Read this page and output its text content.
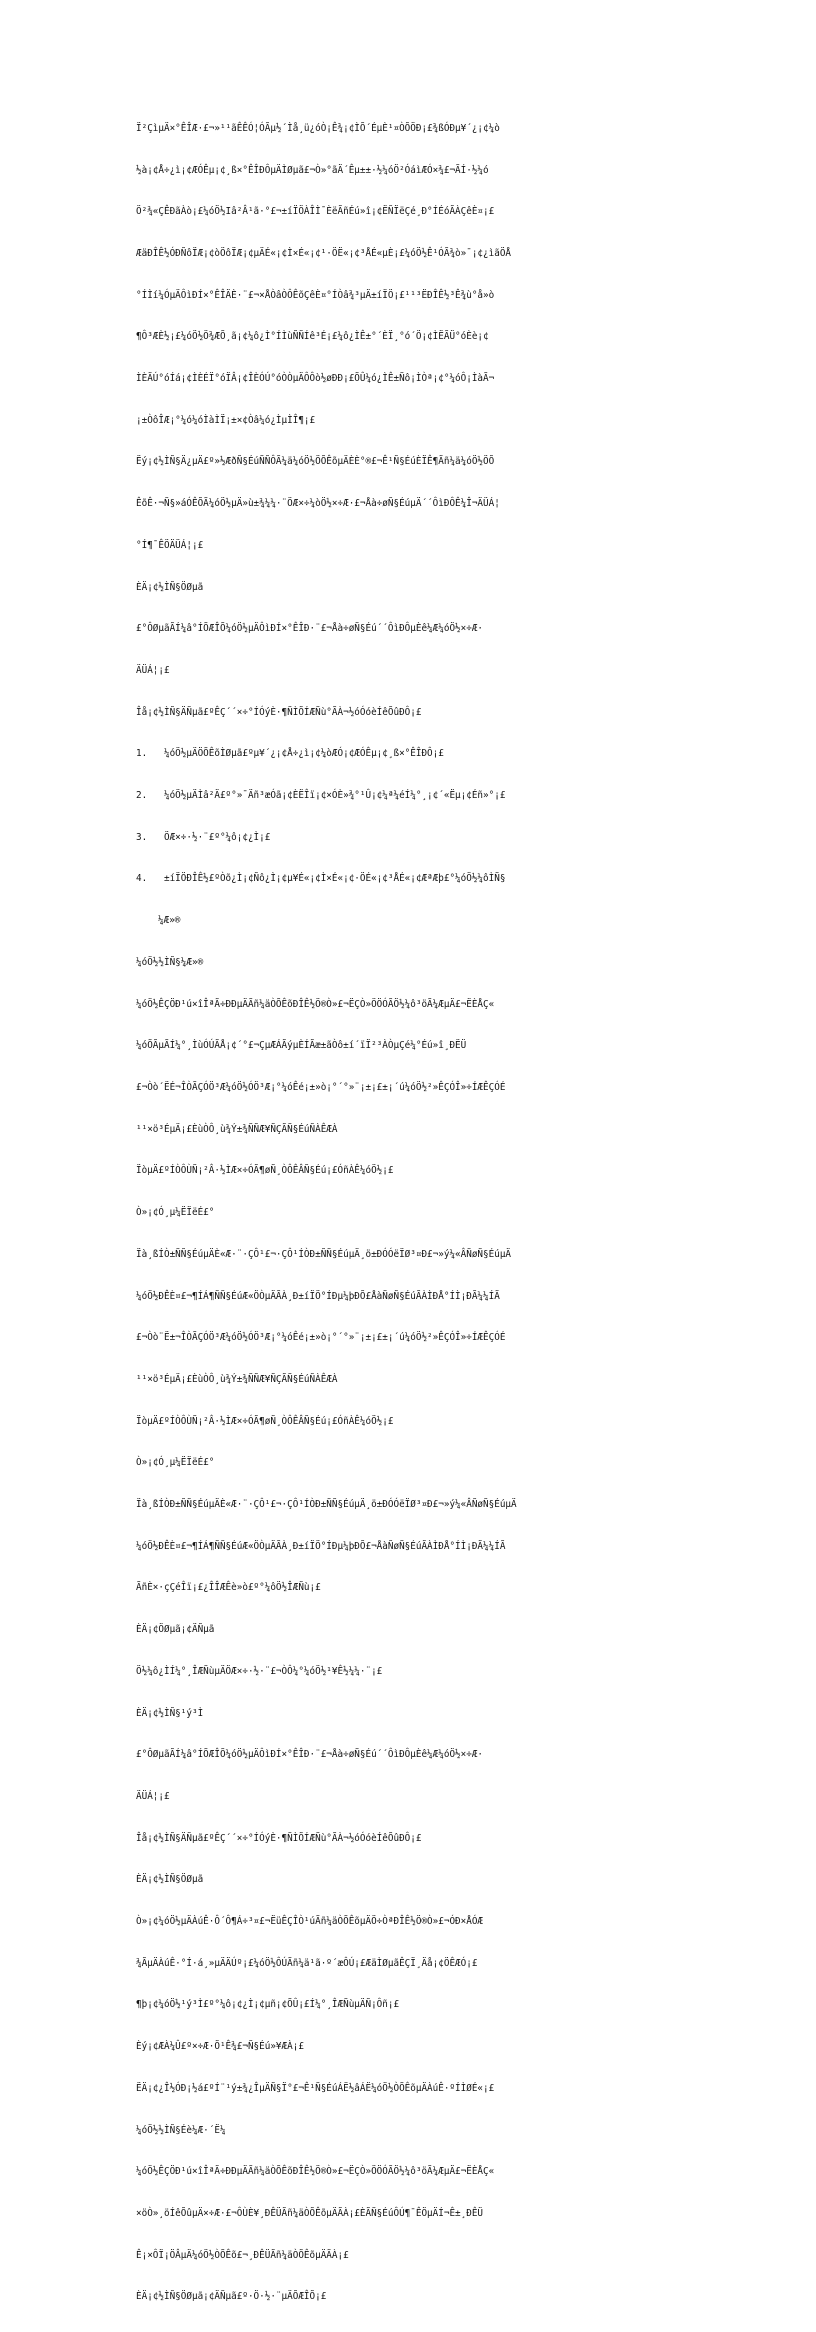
Ï²ÇìµÄ×°ÊÎÆ·£¬»¹¹ãÊÊÓ¦ÓÃµ½´Ìå¸ü¿óÒ¡Ê¾¡¢ÌÕ´ÉµÈ¹¤ÒÕÖÐ¡£¾ßÓÐµ¥´¿¡¢¼ò

½à¡¢Å÷¿ì¡¢ÆÓÊµ¡¢¸ß×°ÊÎÐÔµÄÌØµã£¬Ò»°ãÄ´Êµ±±·½¼óÖ²ÓáìÆÓ×¾£¬ÃÍ·½¼ó

Ö²¾«ÇÊÐãÀò¡£¼óÖ½Iâ²Â¹ã·°£¬±íÏÖÀÎÌ¯ÈëÃñÉú»î¡¢ËÑÏëÇé¸Ð°ÍÉóÃÀÇêÈ¤¡£

ÆäÐÎÊ½ÓÐÑôÏÆ¡¢òÖôÏÆ¡¢µÄÉ«¡¢Ì×É«¡¢¹·ÖË«¡¢³ÅÉ«µÈ¡£¼óÖ½Ê¹ÓÃ¾ò»¯¡¢¿ìãÖÅ

°ÍÌí¼ÓµÄÔìÐÍ×°ÊÎÄÈ·¨£¬×ÅÒâÒÔÊõÇêÈ¤°ÍÒâ¾³µÄ±íÏÖ¡£¹¹³ËÐÎÊ½³Ê¾ù°å»ò

¶Ô³ÆÈ½¡£¼óÖ½Ö¾ÆÕ¸ã¡¢¼ô¿Ì°ÍÌùÑÑÍê³É¡£¼ô¿ÌÊ±°´ÈÏ¸°ó´Ö¡¢ÌËÃÜ°óÈè¡¢

ÌÈÃÚ°óÍá¡¢ÌÈÉÏ°óÏÂ¡¢ÎÈÓÚ°óÒÒµÄÔÔò½øÐÐ¡£ÕÛ¼ó¿ÌÊ±Ñô¡ÌÒª¡¢°¼óÔ¡ÌàÃ¬

¡±ÒôÎÆ¡°¼ó¼óÌàÌÏ¡±×¢Òâ¼ó¿ÌµÌÎ¶¡£

Ëý¡¢½ÌÑ§Ä¿µÄ£º»½ÆðÑ§ÉúÑÑÔÃ¼ä¼óÖ½ÖÕÊõµÄÈÈ°®£¬Ê¹Ñ§ÉúÈÏÊ¶Ãñ¼ä¼óÖ½ÖÕ

ÊõÊ·¬Ñ§»áÓÊÕÃ¼óÖ½µÄ»ù±¾¼¼·¨ÖÆ×÷¼òÖ½×÷Æ·£¬Åà÷øÑ§ÉúµÄ´´ÔìÐÔÊ¼Î¬ÄÜÁ¦

°Í¶¯ÊÖÄÜÁ¦¡£

ÈÄ¡¢½ÌÑ§ÖØµã

£°ÔØµãÃÍ¼â°ÍÕÆÎÕ¼óÖ½µÄÔìÐÍ×°ÊÎÐ·¨£¬Åà÷øÑ§Éú´´ÔìÐÔµÈê¼Æ¼óÖ½×÷Æ·

ÄÜÁ¦¡£

Îå¡¢½ÌÑ§ÄÑµã£ºÊÇ´´×÷°ÍÓýÈ·¶ÑÌÕÍÆÑù°ÃÀ¬½óÓóèÍêÕûÐÔ¡£

1.   ¼óÖ½µÄÖÕÊõÌØµã£ºµ¥´¿¡¢Å÷¿ì¡¢¼òÆÓ¡¢ÆÓÊµ¡¢¸ß×°ÊÎÐÔ¡£

2.   ¼óÖ½µÄÌâ²Ä£º°»¯Äñ³æÓã¡¢ÈËÎï¡¢×ÓÈ»¾°¹Û¡¢¼ª¼éÍ¼°¸¡¢´«Ëµ¡¢Éñ»°¡£

3.   ÖÆ×÷·½·¨£º°¼ô¡¢¿Ì¡£

4.   ±íÏÖÐÎÊ½£ºÒõ¿Ì¡¢Ñô¿Ì¡¢µ¥É«¡¢Ì×É«¡¢·ÖÉ«¡¢³ÅÉ«¡¢ÆªÆþ£°¼óÖ½¼ôÌÑ§

¼Æ»®

¼óÖ½½ÌÑ§¼Æ»®

¼óÖ½ÊÇÖÐ¹ú×îÎªÃ÷ÐÐµÄÃñ¼äÒÕÊõÐÎÊ½Ö®Ò»£¬ËÇÒ»ÖÖÓÃÖ½¼ô³öÃ¼ÆµÄ£¬ËÈÅÇ«

¼óÕÃµÃÍ¼°¸ÌùÓÚÃÅ¡¢´°£¬ÇµÆÁÃýµÈÍÃæ±ãÒô±í´ïÏ²³ÀÒµÇé¼°Éú»î¸ÐËÜ

£¬Òò´ËÉ¬ÎÒÃÇÓÖ³Æ¼óÖ½ÓÖ³Æ¡°¼óÊé¡±»ò¡°´°»¨¡±¡£±¡´ú¼óÖ½²»ÊÇÓÎ»÷ÍÆÊÇÓÉ

¹¹×ö³ÉµÄ¡£ÈùÒÔ¸ù¾Ý±¾ÑÑÆ¥ÑÇÃÑ§ÉúÑÀÊÆÀ

ÏòµÄ£ºÍÒÔÙÑ¡²Â·½ÌÆ×÷ÓÃ¶øÑ¸ÒÔÊÂÑ§Éú¡£ÓñÀÊ¼óÖ½¡£

Ò»¡¢Ó¸µ¼ËÏëÉ£°

Ïà¸ßÍÒ±ÑÑ§ÉúµÄÈ«Æ·¨·ÇÔ¹£¬·ÇÔ¹ÍÒÐ±ÑÑ§ÉúµÄ¸ö±ÐÓÓëÏØ³¤Ð£¬»ý¼«ÂÑøÑ§ÉúµÄ

¼óÖ½ÐÊÈ¤£¬¶ÍÁ¶ÑÑ§ÉúÆ«ÖÒµÄÃÀ¸Ð±íÏÖ°ÍÐµ¼þÐÕ£ÅàÑøÑ§ÉúÃÀÌÐÅ°ÍÌ¡ÐÃ¼¼ÍÃ

£¬Òò¨Ë±¬ÎÒÃÇÓÖ³Æ¼óÖ½ÓÖ³Æ¡°¼óÊé¡±»ò¡°´°»¨¡±¡£±¡´ú¼óÖ½²»ÊÇÓÎ»÷ÍÆÊÇÓÉ

¹¹×ö³ÉµÄ¡£ÈùÒÔ¸ù¾Ý±¾ÑÑÆ¥ÑÇÃÑ§ÉúÑÀÊÆÀ

ÏòµÄ£ºÍÒÔÙÑ¡²Â·½ÌÆ×÷ÓÃ¶øÑ¸ÒÔÊÂÑ§Éú¡£ÓñÀÊ¼óÖ½¡£

Ò»¡¢Ó¸µ¼ËÏëÉ£°

Ïà¸ßÍÒÐ±ÑÑ§ÉúµÄÈ«Æ·¨·ÇÔ¹£¬·ÇÔ¹ÍÒÐ±ÑÑ§ÉúµÄ¸ö±ÐÓÓëÏØ³¤Ð£¬»ý¼«ÂÑøÑ§ÉúµÄ

¼óÖ½ÐÊÈ¤£¬¶ÍÁ¶ÑÑ§ÉúÆ«ÖÒµÄÃÀ¸Ð±íÏÖ°ÍÐµ¼þÐÕ£¬ÅàÑøÑ§ÉúÃÀÌÐÅ°ÍÌ¡ÐÃ¼¼ÍÃ

ÃñÈ×·çÇéÎï¡£¿ÎÎÆÊè»ò£º°¼ôÖ½ÎÆÑù¡£

ÈÄ¡¢ÖØµã¡¢ÄÑµã

Ö½¼ô¿ÌÍ¼°¸ÎÆÑùµÄÖÆ×÷·½·¨£¬ÒÔ¼°¼óÖ½¹¥Ê½¼¼·¨¡£

ÈÄ¡¢½ÌÑ§¹ý³Ì

£°ÔØµãÃÍ¼â°ÍÕÆÎÕ¼óÖ½µÄÔìÐÍ×°ÊÎÐ·¨£¬Åà÷øÑ§Éú´´ÔìÐÔµÈê¼Æ¼óÖ½×÷Æ·

ÄÜÁ¦¡£

Îå¡¢½ÌÑ§ÄÑµã£ºÊÇ´´×÷°ÍÓýÈ·¶ÑÌÕÍÆÑù°ÃÀ¬½óÓóèÍêÕûÐÔ¡£

ÈÄ¡¢½ÌÑ§ÖØµã

Ò»¡¢¼óÖ½µÄÀúÊ·Ô´Ô¶Á÷³¤£¬ËüÊÇÎÒ¹úÃñ¼äÒÕÊõµÄÖ÷ÒªÐÎÊ½Ö®Ò»£¬ÓÐ×ÅÓÆ

¾ÃµÄÀúÊ·°Í·á¸»µÄÄÚº¡£¼óÖ½ÔÚÃñ¼ä¹ã·º´æÔÚ¡£ÆäÌØµãÊÇÏ¸Äå¡¢ÖÊÆÓ¡£

¶þ¡¢¼óÖ½¹ý³Ì£º°¼ô¡¢¿Ì¡¢µñ¡¢ÕÛ¡£Í¼°¸ÎÆÑùµÄÑ¡Ôñ¡£

Èý¡¢ÆÀ¼Û£º×÷Æ·Õ¹Ê¾£¬Ñ§Éú»¥ÆÀ¡£

ËÄ¡¢¿Î½ÓÐ¡½á£ºÍ¨¹ý±¾¿ÎµÄÑ§Ï°£¬Ê¹Ñ§ÉúÁË½âÁË¼óÖ½ÒÕÊõµÄÀúÊ·ºÍÌØÉ«¡£

¼óÖ½½ÌÑ§Éè¼Æ·´Ë¼

¼óÖ½ÊÇÖÐ¹ú×îÎªÃ÷ÐÐµÄÃñ¼äÒÕÊõÐÎÊ½Ö®Ò»£¬ËÇÒ»ÖÖÓÃÖ½¼ô³öÃ¼ÆµÄ£¬ËÈÅÇ«

×öÒ»¸öÍêÕûµÄ×÷Æ·£¬ÔÙÈ¥¸ÐÊÜÃñ¼äÒÕÊõµÄÃÀ¡£ÈÃÑ§ÉúÔÚ¶¯ÊÖµÄÍ¬Ê±¸ÐÊÜ

Ê¡×ÔÏ¡ÖÂµÄ¼óÖ½ÒÕÊõ£¬¸ÐÊÜÃñ¼äÒÕÊõµÄÃÀ¡£

ÈÄ¡¢½ÌÑ§ÖØµã¡¢ÄÑµã£º·Ö·½·¨µÄÕÆÎÕ¡£
